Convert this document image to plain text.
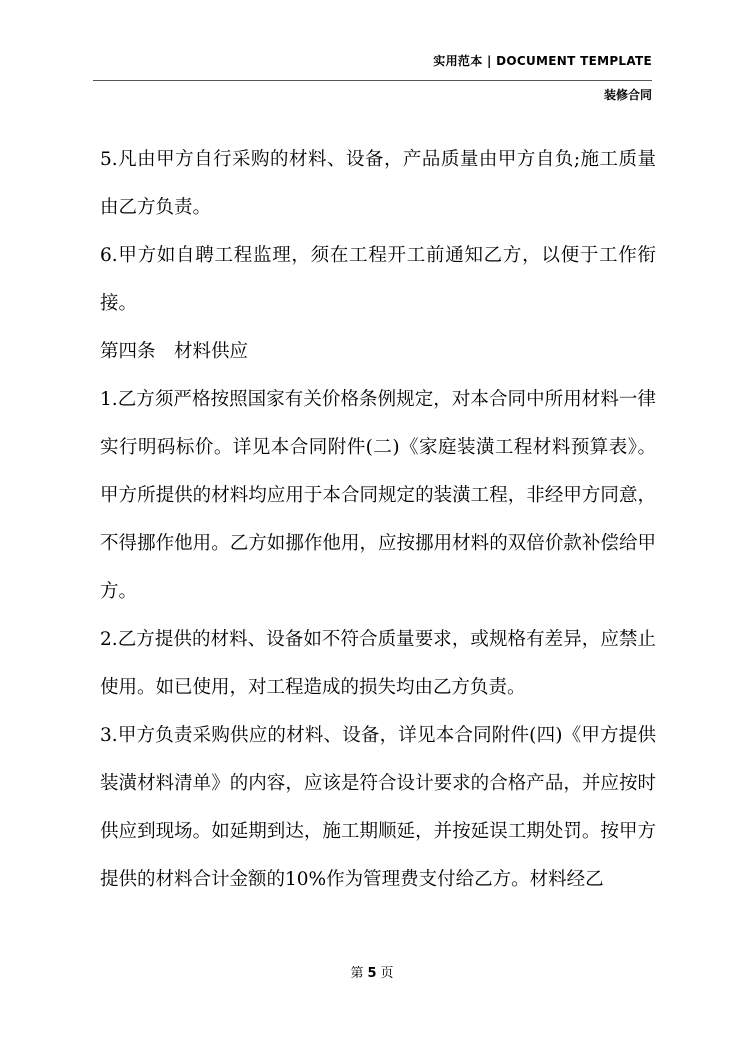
实用范本 | DOCUMENT TEMPLATE
装修合同

5.凡由甲方自行采购的材料、设备，产品质量由甲方自负;施工质量由乙方负责。

6.甲方如自聘工程监理，须在工程开工前通知乙方，以便于工作衔接。

第四条　材料供应

1.乙方须严格按照国家有关价格条例规定，对本合同中所用材料一律实行明码标价。详见本合同附件(二)《家庭装潢工程材料预算表》。甲方所提供的材料均应用于本合同规定的装潢工程，非经甲方同意，不得挪作他用。乙方如挪作他用，应按挪用材料的双倍价款补偿给甲方。

2.乙方提供的材料、设备如不符合质量要求，或规格有差异，应禁止使用。如已使用，对工程造成的损失均由乙方负责。

3.甲方负责采购供应的材料、设备，详见本合同附件(四)《甲方提供装潢材料清单》的内容，应该是符合设计要求的合格产品，并应按时供应到现场。如延期到达，施工期顺延，并按延误工期处罚。按甲方提供的材料合计金额的10%作为管理费支付给乙方。材料经乙

第 5 页
